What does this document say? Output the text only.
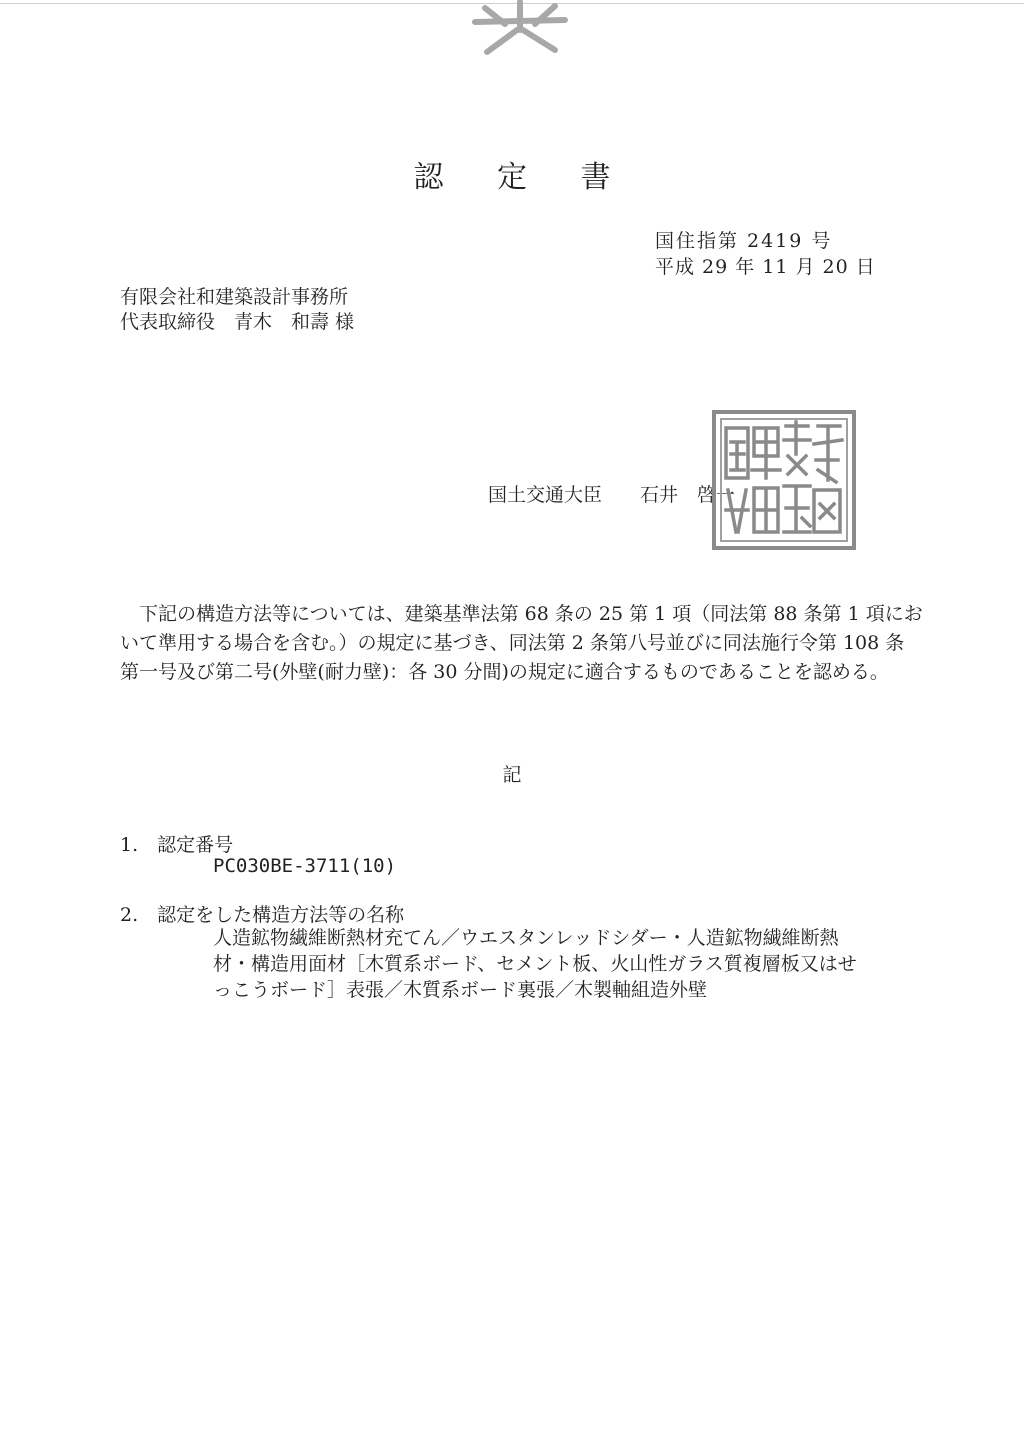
認 定 書
国住指第 2419 号
平成 29 年 11 月 20 日
有限会社和建築設計事務所
代表取締役　青木　和壽 様
国土交通大臣　　石井　啓一

　下記の構造方法等については、建築基準法第 68 条の 25 第 1 項（同法第 88 条第 1 項にお

いて準用する場合を含む。）の規定に基づき、同法第 2 条第八号並びに同法施行令第 108 条

第一号及び第二号(外壁(耐力壁)：各 30 分間)の規定に適合するものであることを認める。

記
1.　認定番号
PC030BE-3711(10)
2.　認定をした構造方法等の名称

人造鉱物繊維断熱材充てん／ウエスタンレッドシダー・人造鉱物繊維断熱

材・構造用面材［木質系ボード、セメント板、火山性ガラス質複層板又はせ

っこうボード］表張／木質系ボード裏張／木製軸組造外壁
